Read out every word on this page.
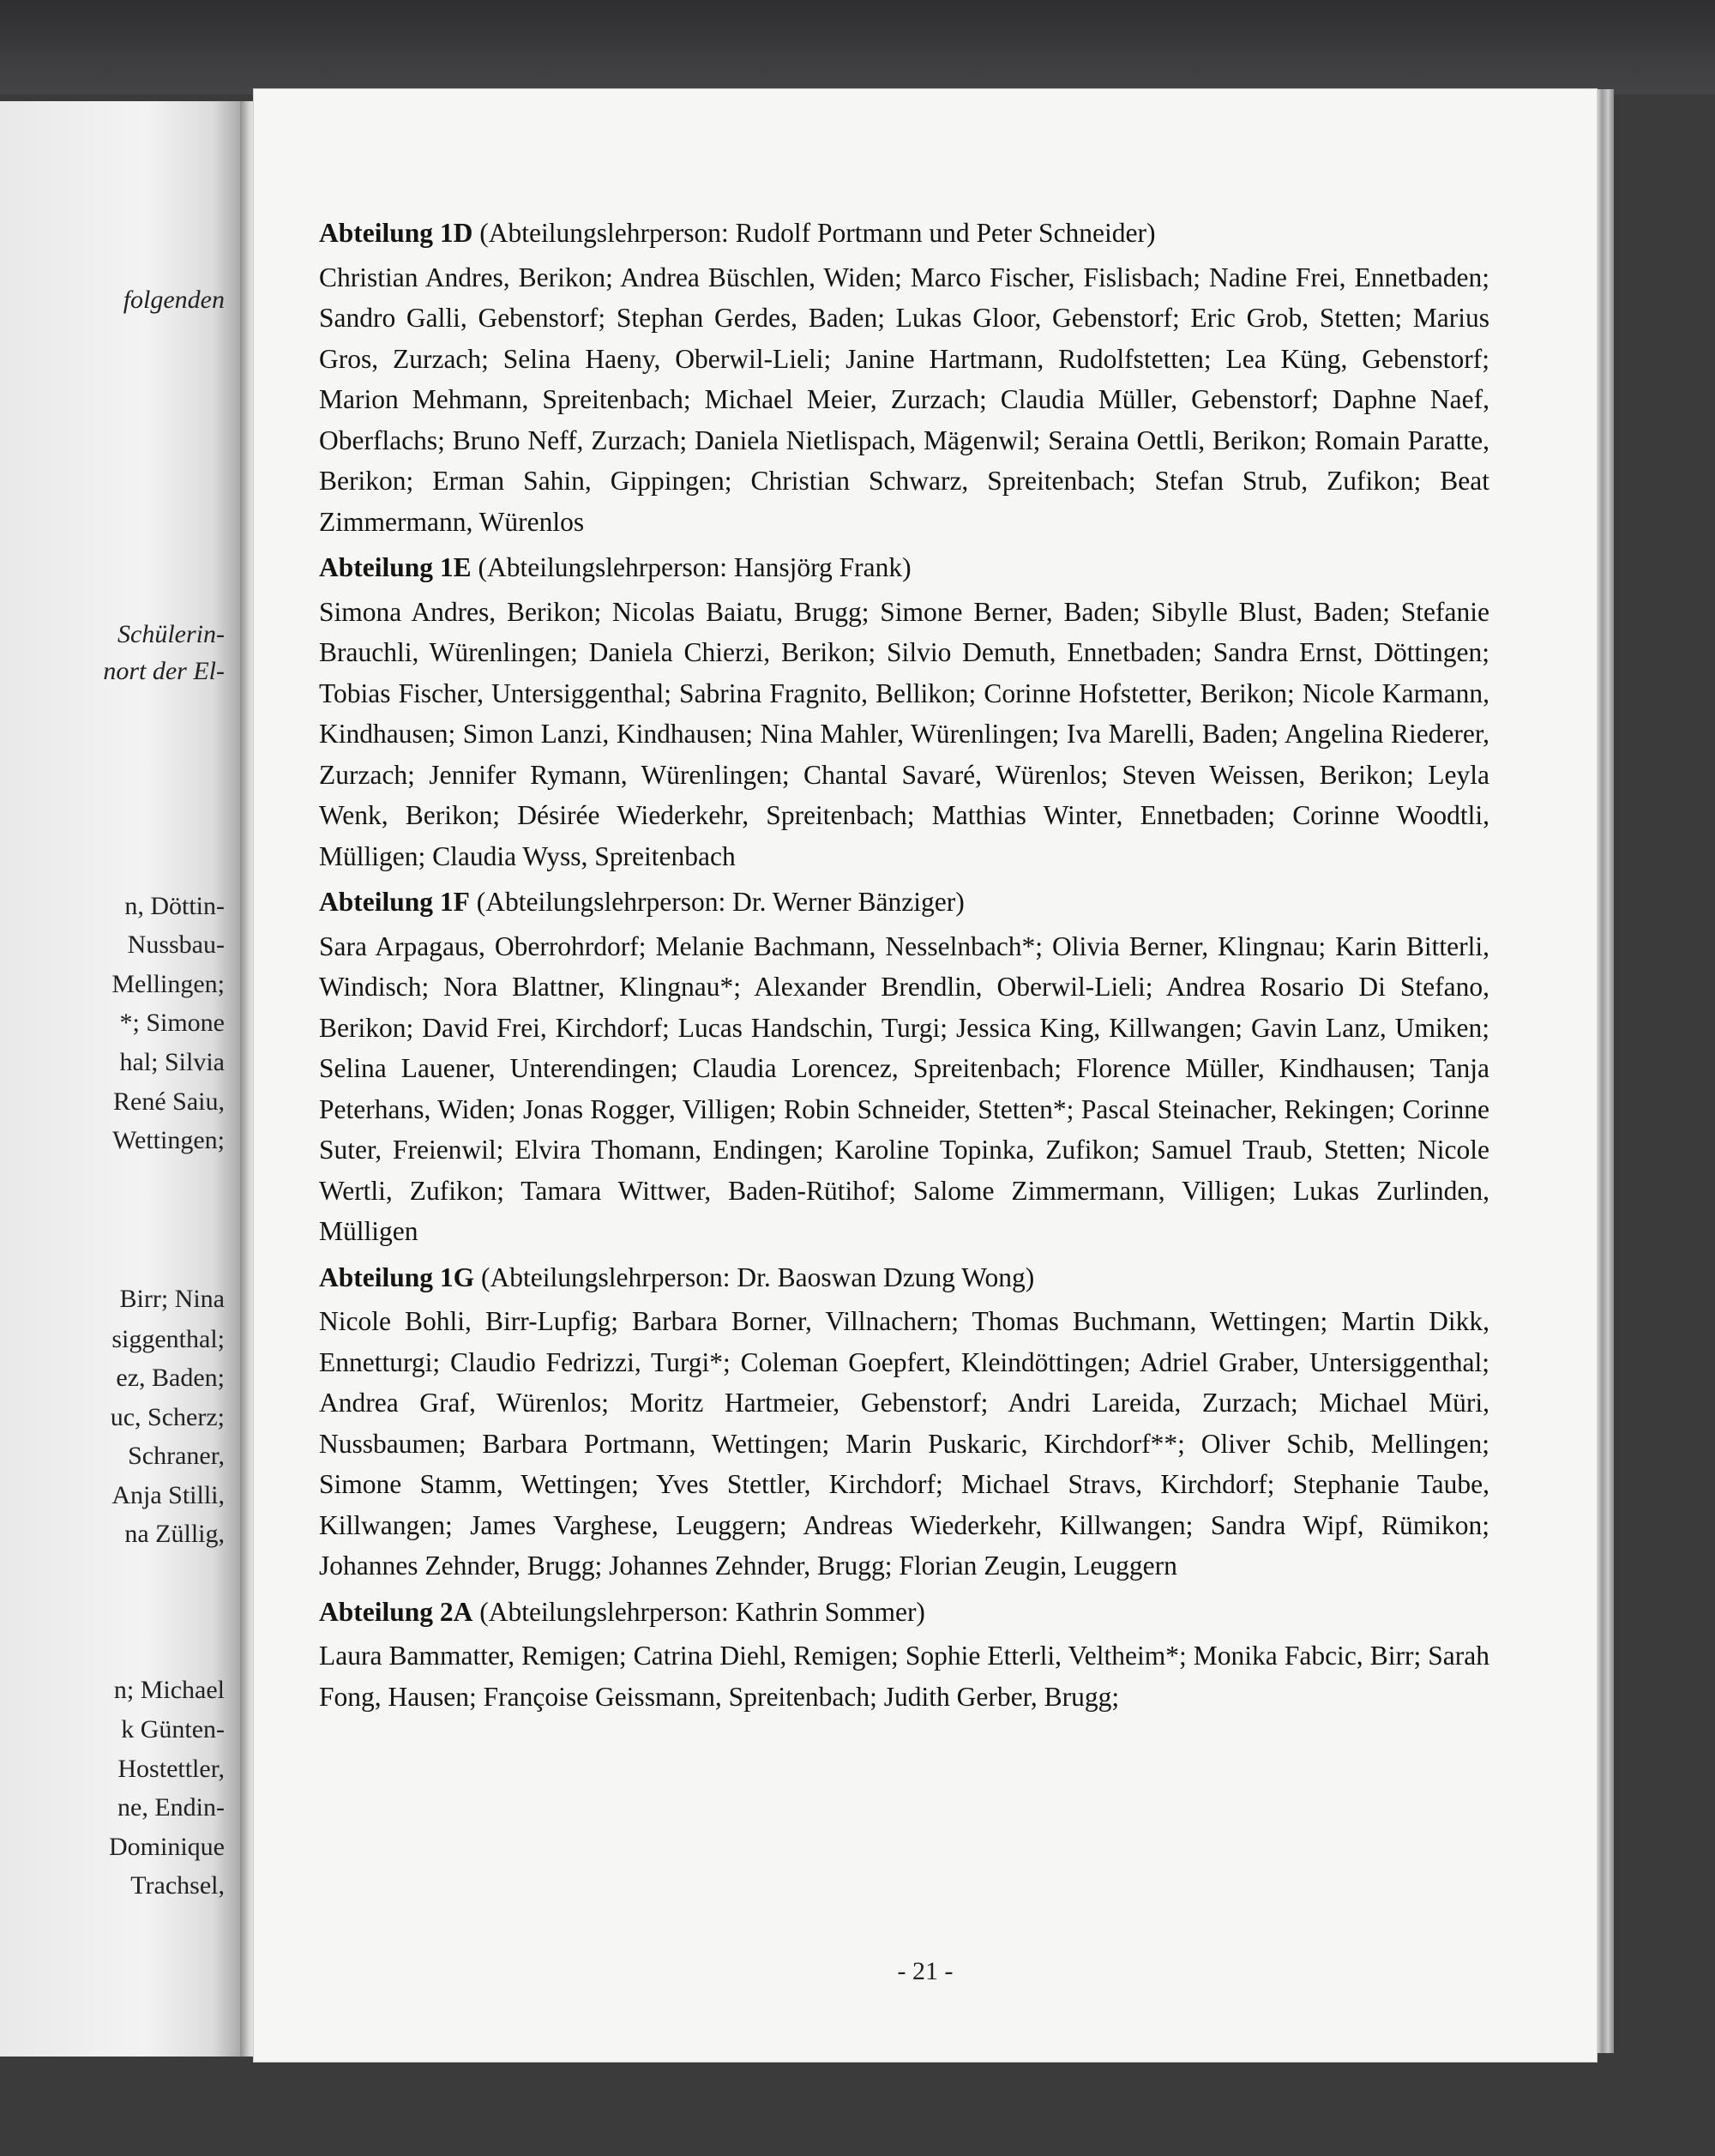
folgenden
Schülerin-
nort der El-
n, Döttin-
Nussbau-
Mellingen;
*; Simone
hal; Silvia
René Saiu,
Wettingen;
Birr; Nina
siggenthal;
ez, Baden;
uc, Scherz;
Schraner,
Anja Stilli,
na Züllig,
n; Michael
k Günten-
Hostettler,
ne, Endin-
Dominique
Trachsel,
Abteilung 1D (Abteilungslehrperson: Rudolf Portmann und Peter Schneider)

Christian Andres, Berikon; Andrea Büschlen, Widen; Marco Fischer, Fislisbach; Nadine Frei, Ennetbaden; Sandro Galli, Gebenstorf; Stephan Gerdes, Baden; Lukas Gloor, Gebenstorf; Eric Grob, Stetten; Marius Gros, Zurzach; Selina Haeny, Oberwil-Lieli; Janine Hartmann, Rudolfstetten; Lea Küng, Gebenstorf; Marion Mehmann, Spreitenbach; Michael Meier, Zurzach; Claudia Müller, Gebenstorf; Daphne Naef, Oberflachs; Bruno Neff, Zurzach; Daniela Nietlispach, Mägenwil; Seraina Oettli, Berikon; Romain Paratte, Berikon; Erman Sahin, Gippingen; Christian Schwarz, Spreitenbach; Stefan Strub, Zufikon; Beat Zimmermann, Würenlos

Abteilung 1E (Abteilungslehrperson: Hansjörg Frank)

Simona Andres, Berikon; Nicolas Baiatu, Brugg; Simone Berner, Baden; Sibylle Blust, Baden; Stefanie Brauchli, Würenlingen; Daniela Chierzi, Berikon; Silvio Demuth, Ennetbaden; Sandra Ernst, Döttingen; Tobias Fischer, Untersiggenthal; Sabrina Fragnito, Bellikon; Corinne Hofstetter, Berikon; Nicole Karmann, Kindhausen; Simon Lanzi, Kindhausen; Nina Mahler, Würenlingen; Iva Marelli, Baden; Angelina Riederer, Zurzach; Jennifer Rymann, Würenlingen; Chantal Savaré, Würenlos; Steven Weissen, Berikon; Leyla Wenk, Berikon; Désirée Wiederkehr, Spreitenbach; Matthias Winter, Ennetbaden; Corinne Woodtli, Mülligen; Claudia Wyss, Spreitenbach

Abteilung 1F (Abteilungslehrperson: Dr. Werner Bänziger)

Sara Arpagaus, Oberrohrdorf; Melanie Bachmann, Nesselnbach*; Olivia Berner, Klingnau; Karin Bitterli, Windisch; Nora Blattner, Klingnau*; Alexander Brendlin, Oberwil-Lieli; Andrea Rosario Di Stefano, Berikon; David Frei, Kirchdorf; Lucas Handschin, Turgi; Jessica King, Killwangen; Gavin Lanz, Umiken; Selina Lauener, Unterendingen; Claudia Lorencez, Spreitenbach; Florence Müller, Kindhausen; Tanja Peterhans, Widen; Jonas Rogger, Villigen; Robin Schneider, Stetten*; Pascal Steinacher, Rekingen; Corinne Suter, Freienwil; Elvira Thomann, Endingen; Karoline Topinka, Zufikon; Samuel Traub, Stetten; Nicole Wertli, Zufikon; Tamara Wittwer, Baden-Rütihof; Salome Zimmermann, Villigen; Lukas Zurlinden, Mülligen

Abteilung 1G (Abteilungslehrperson: Dr. Baoswan Dzung Wong)

Nicole Bohli, Birr-Lupfig; Barbara Borner, Villnachern; Thomas Buchmann, Wettingen; Martin Dikk, Ennetturgi; Claudio Fedrizzi, Turgi*; Coleman Goepfert, Kleindöttingen; Adriel Graber, Untersiggenthal; Andrea Graf, Würenlos; Moritz Hartmeier, Gebenstorf; Andri Lareida, Zurzach; Michael Müri, Nussbaumen; Barbara Portmann, Wettingen; Marin Puskaric, Kirchdorf**; Oliver Schib, Mellingen; Simone Stamm, Wettingen; Yves Stettler, Kirchdorf; Michael Stravs, Kirchdorf; Stephanie Taube, Killwangen; James Varghese, Leuggern; Andreas Wiederkehr, Killwangen; Sandra Wipf, Rümikon; Johannes Zehnder, Brugg; Johannes Zehnder, Brugg; Florian Zeugin, Leuggern

Abteilung 2A (Abteilungslehrperson: Kathrin Sommer)

Laura Bammatter, Remigen; Catrina Diehl, Remigen; Sophie Etterli, Veltheim*; Monika Fabcic, Birr; Sarah Fong, Hausen; Françoise Geissmann, Spreitenbach; Judith Gerber, Brugg;

- 21 -
